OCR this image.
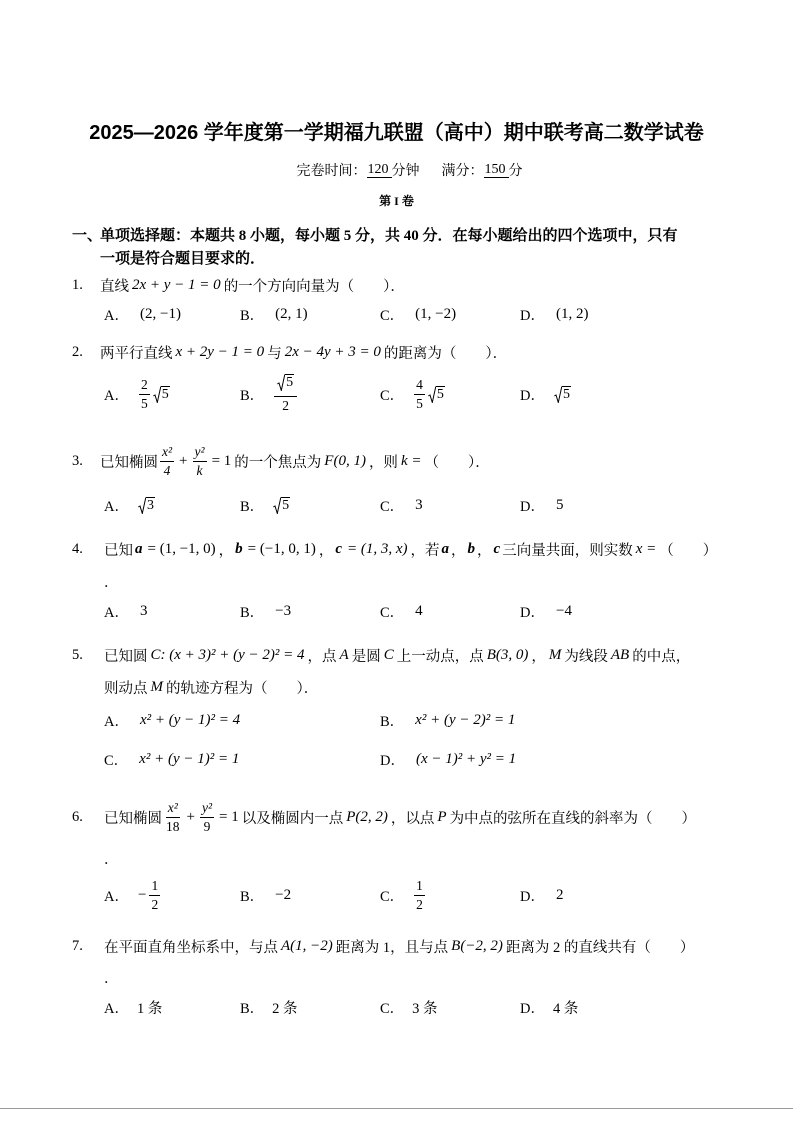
2025—2026 学年度第一学期福九联盟（高中）期中联考高二数学试卷
完卷时间： 120 分钟 满分： 150 分
第 I 卷
一、
单项选择题：本题共 8 小题，每小题 5 分，共 40 分．在每小题给出的四个选项中，只有
一项是符合题目要求的．
1. 直线 2x + y − 1 = 0 的一个方向向量为（　　）．
A． (2, −1)	B． (2, 1)	C． (1, −2)	D． (1, 2)
2. 两平行直线 x + 2y − 1 = 0 与 2x − 4y + 3 = 0 的距离为（　　）．
A． $\frac{2}{5} 5$	B． $\frac{5}{2}$	C． $\frac{4}{5} 5$	D． 5
3. 已知椭圆 $\frac{\text{x²}}{4} + \frac{\text{y²}}{k} = 1$ 的一个焦点为 F(0, 1) ，则 k = （　　）．
A． 3	B． 5	C． 3	D． 5
4. 已知 a = (1, −1, 0) ， b = (−1, 0, 1) ， c = (1, 3, x) ，若 a ， b ， c 三向量共面，则实数 x = （　　）
．
A． 3	B． −3	C． 4	D． −4
5. 已知圆 C: (x + 3)² + (y − 2)² = 4 ，点 A 是圆 C 上一动点，点 B(3, 0) ， M 为线段 AB 的中点，
则动点 M 的轨迹方程为（　　）．
A． x² + (y − 1)² = 4	B． x² + (y − 2)² = 1
C． x² + (y − 1)² = 1	D． (x − 1)² + y² = 1
6. 已知椭圆 $\frac{\text{x²}}{18} + \frac{\text{y²}}{9} = 1$ 以及椭圆内一点 P(2, 2) ，以点 P 为中点的弦所在直线的斜率为（　　）
．
A． − $\frac{1}{2}$	B． −2	C． $\frac{1}{2}$	D． 2
7. 在平面直角坐标系中，与点 A(1, −2) 距离为 1，且与点 B(−2, 2) 距离为 2 的直线共有（　　）
．
A． 1 条	B． 2 条	C． 3 条	D． 4 条
